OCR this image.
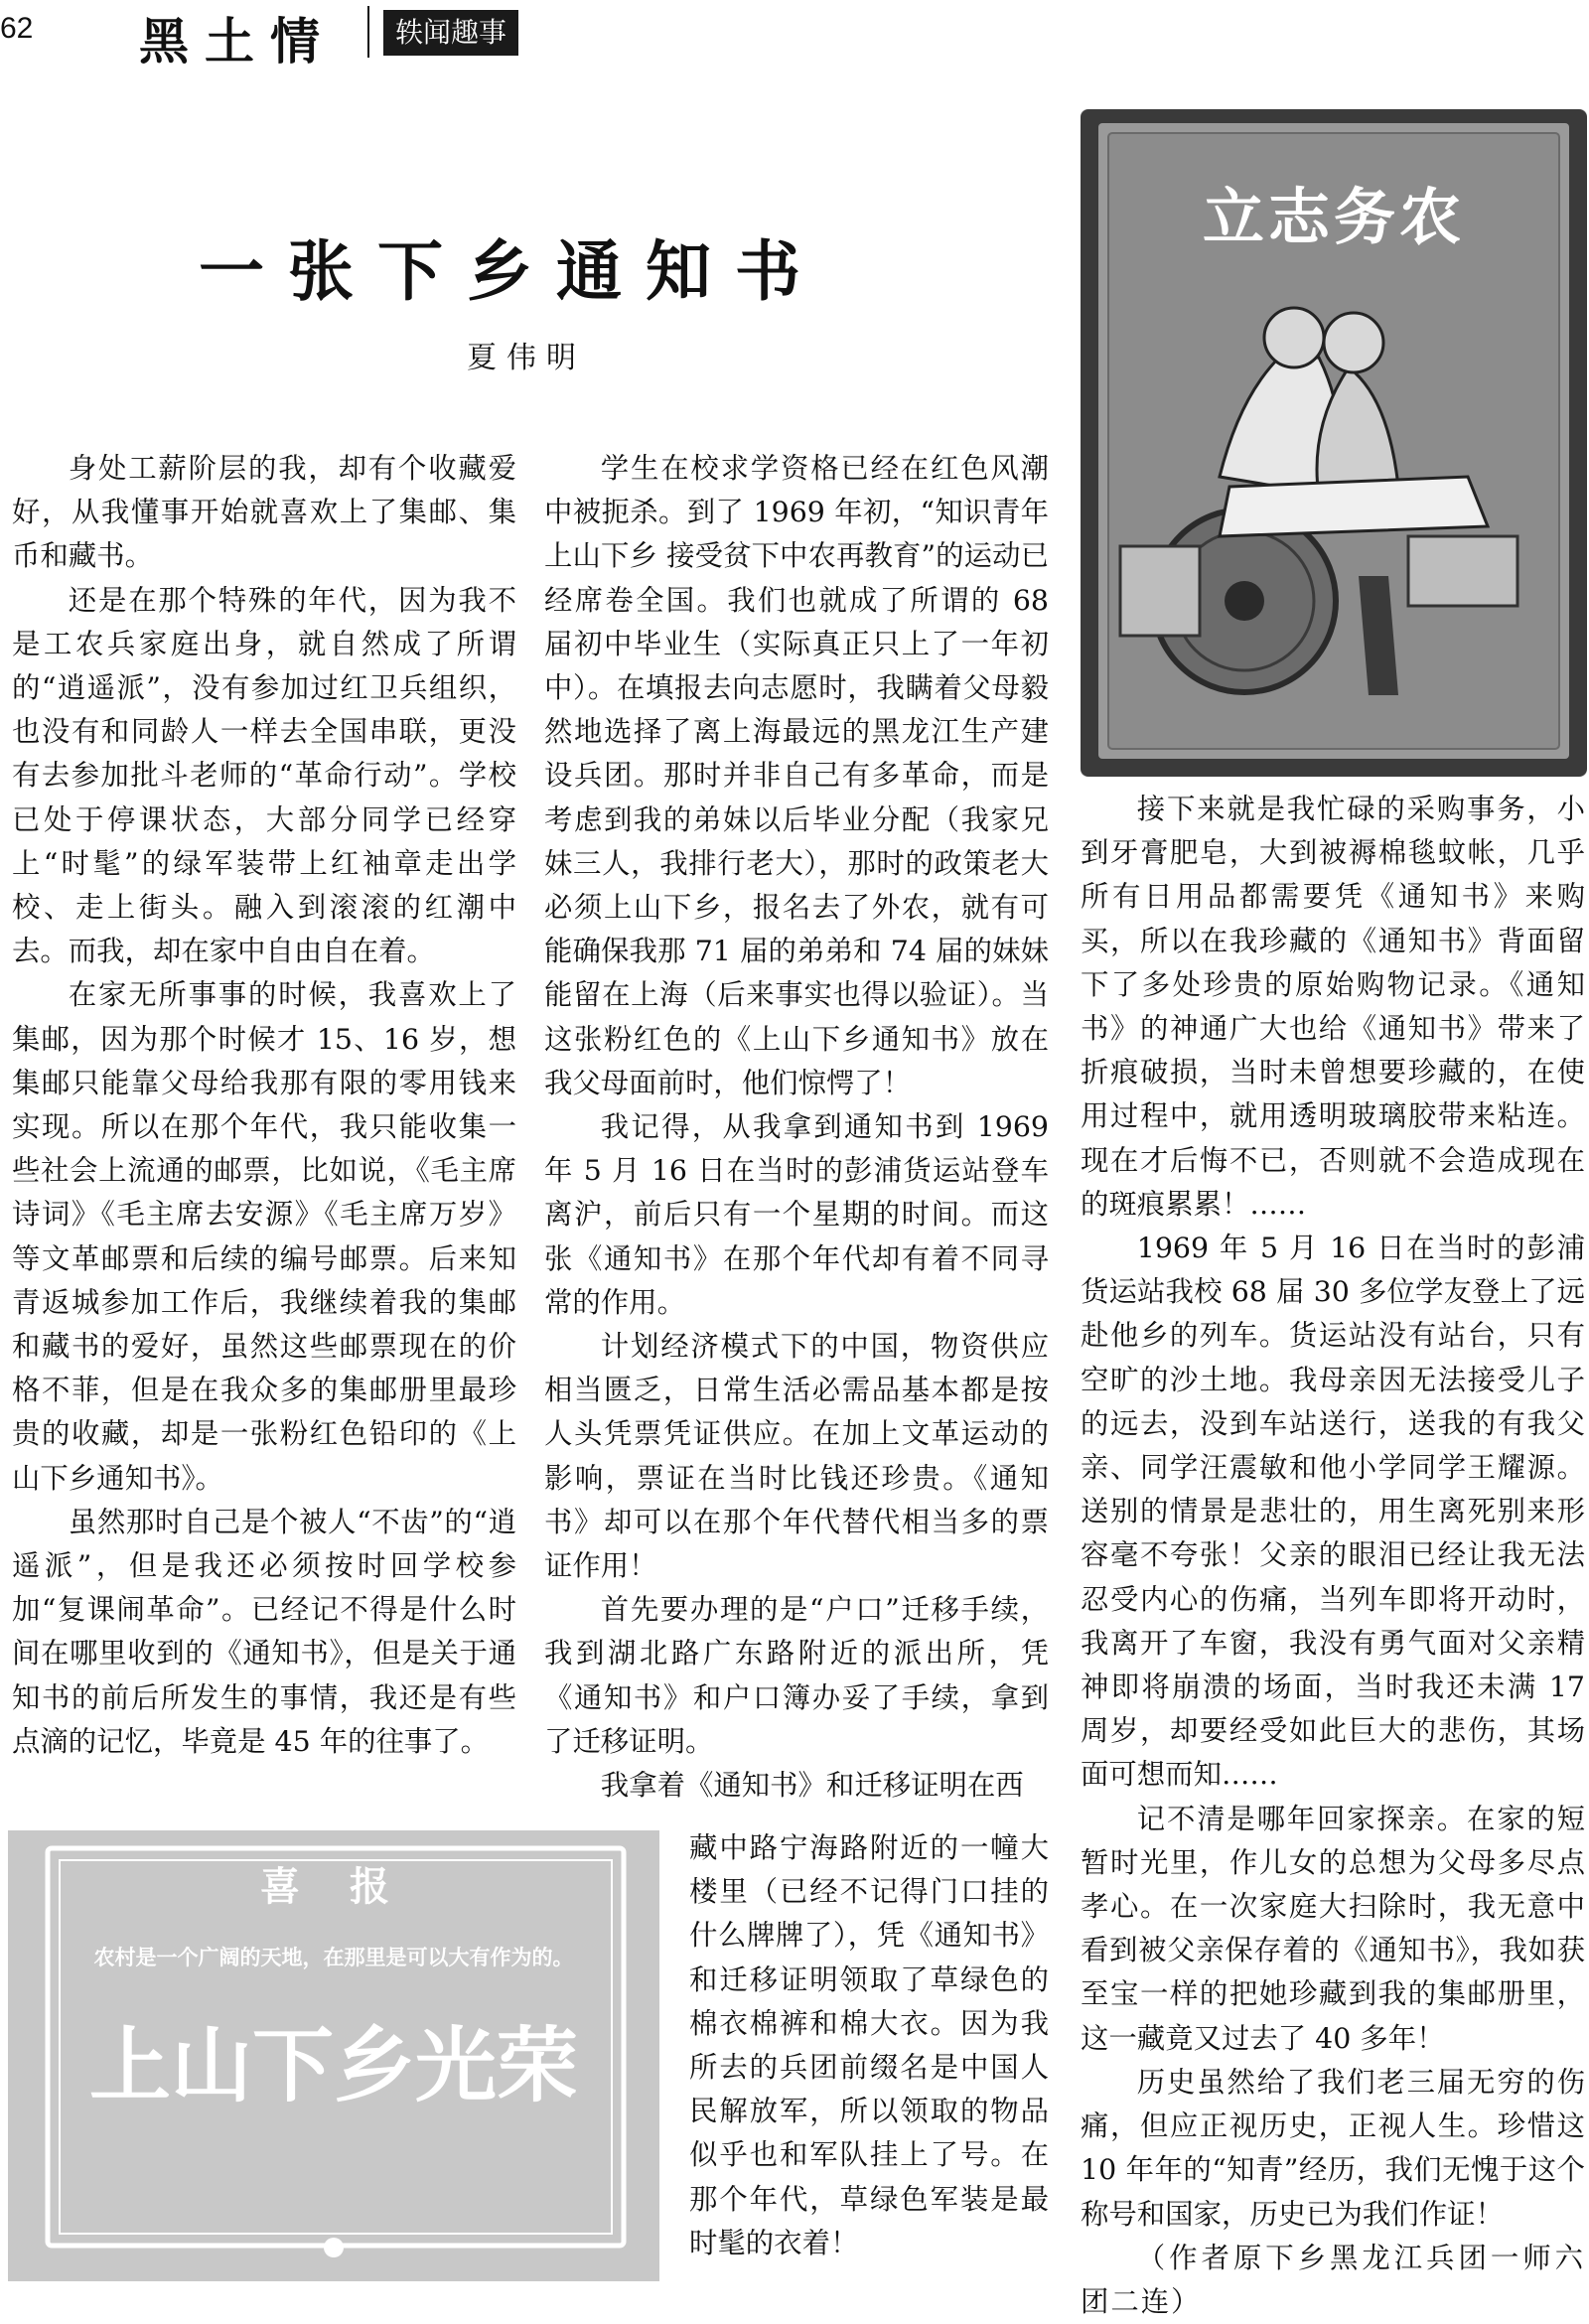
62 黑土情	轶闻趣事
一张下乡通知书
夏伟明

身处工薪阶层的我，却有个收藏爱好，从我懂事开始就喜欢上了集邮、集币和藏书。

还是在那个特殊的年代，因为我不是工农兵家庭出身，就自然成了所谓的“逍遥派”，没有参加过红卫兵组织，也没有和同龄人一样去全国串联，更没有去参加批斗老师的“革命行动”。学校已处于停课状态，大部分同学已经穿上“时髦”的绿军装带上红袖章走出学校、走上街头。融入到滚滚的红潮中去。而我，却在家中自由自在着。

在家无所事事的时候，我喜欢上了集邮，因为那个时候才 15、16 岁，想集邮只能靠父母给我那有限的零用钱来实现。所以在那个年代，我只能收集一些社会上流通的邮票，比如说，《毛主席诗词》《毛主席去安源》《毛主席万岁》等文革邮票和后续的编号邮票。后来知青返城参加工作后，我继续着我的集邮和藏书的爱好，虽然这些邮票现在的价格不菲，但是在我众多的集邮册里最珍贵的收藏，却是一张粉红色铅印的《上山下乡通知书》。

虽然那时自己是个被人“不齿”的“逍遥派”，但是我还必须按时回学校参加“复课闹革命”。已经记不得是什么时间在哪里收到的《通知书》，但是关于通知书的前后所发生的事情，我还是有些点滴的记忆，毕竟是 45 年的往事了。

学生在校求学资格已经在红色风潮中被扼杀。到了 1969 年初，“知识青年上山下乡 接受贫下中农再教育”的运动已经席卷全国。我们也就成了所谓的 68 届初中毕业生（实际真正只上了一年初中）。在填报去向志愿时，我瞒着父母毅然地选择了离上海最远的黑龙江生产建设兵团。那时并非自己有多革命，而是考虑到我的弟妹以后毕业分配（我家兄妹三人，我排行老大），那时的政策老大必须上山下乡，报名去了外农，就有可能确保我那 71 届的弟弟和 74 届的妹妹能留在上海（后来事实也得以验证）。当这张粉红色的《上山下乡通知书》放在我父母面前时，他们惊愕了！

我记得，从我拿到通知书到 1969 年 5 月 16 日在当时的彭浦货运站登车离沪，前后只有一个星期的时间。而这张《通知书》在那个年代却有着不同寻常的作用。

计划经济模式下的中国，物资供应相当匮乏，日常生活必需品基本都是按人头凭票凭证供应。在加上文革运动的影响，票证在当时比钱还珍贵。《通知书》却可以在那个年代替代相当多的票证作用！

首先要办理的是“户口”迁移手续，我到湖北路广东路附近的派出所，凭《通知书》和户口簿办妥了手续，拿到了迁移证明。

我拿着《通知书》和迁移证明在西

藏中路宁海路附近的一幢大楼里（已经不记得门口挂的什么牌牌了），凭《通知书》和迁移证明领取了草绿色的棉衣棉裤和棉大衣。因为我所去的兵团前缀名是中国人民解放军，所以领取的物品似乎也和军队挂上了号。在那个年代，草绿色军装是最时髦的衣着！

接下来就是我忙碌的采购事务，小到牙膏肥皂，大到被褥棉毯蚊帐，几乎所有日用品都需要凭《通知书》来购买，所以在我珍藏的《通知书》背面留下了多处珍贵的原始购物记录。《通知书》的神通广大也给《通知书》带来了折痕破损，当时未曾想要珍藏的，在使用过程中，就用透明玻璃胶带来粘连。现在才后悔不已，否则就不会造成现在的斑痕累累！……

1969 年 5 月 16 日在当时的彭浦货运站我校 68 届 30 多位学友登上了远赴他乡的列车。货运站没有站台，只有空旷的沙土地。我母亲因无法接受儿子的远去，没到车站送行，送我的有我父亲、同学汪震敏和他小学同学王耀源。送别的情景是悲壮的，用生离死别来形容毫不夸张！父亲的眼泪已经让我无法忍受内心的伤痛，当列车即将开动时，我离开了车窗，我没有勇气面对父亲精神即将崩溃的场面，当时我还未满 17 周岁，却要经受如此巨大的悲伤，其场面可想而知……

记不清是哪年回家探亲。在家的短暂时光里，作儿女的总想为父母多尽点孝心。在一次家庭大扫除时，我无意中看到被父亲保存着的《通知书》，我如获至宝一样的把她珍藏到我的集邮册里，这一藏竟又过去了 40 多年！

历史虽然给了我们老三届无穷的伤痛，但应正视历史，正视人生。珍惜这 10 年年的“知青”经历，我们无愧于这个称号和国家，历史已为我们作证！

（作者原下乡黑龙江兵团一师六团二连）

立志务农
喜 报
农村是一个广阔的天地，在那里是可以大有作为的。
上山下乡光荣
